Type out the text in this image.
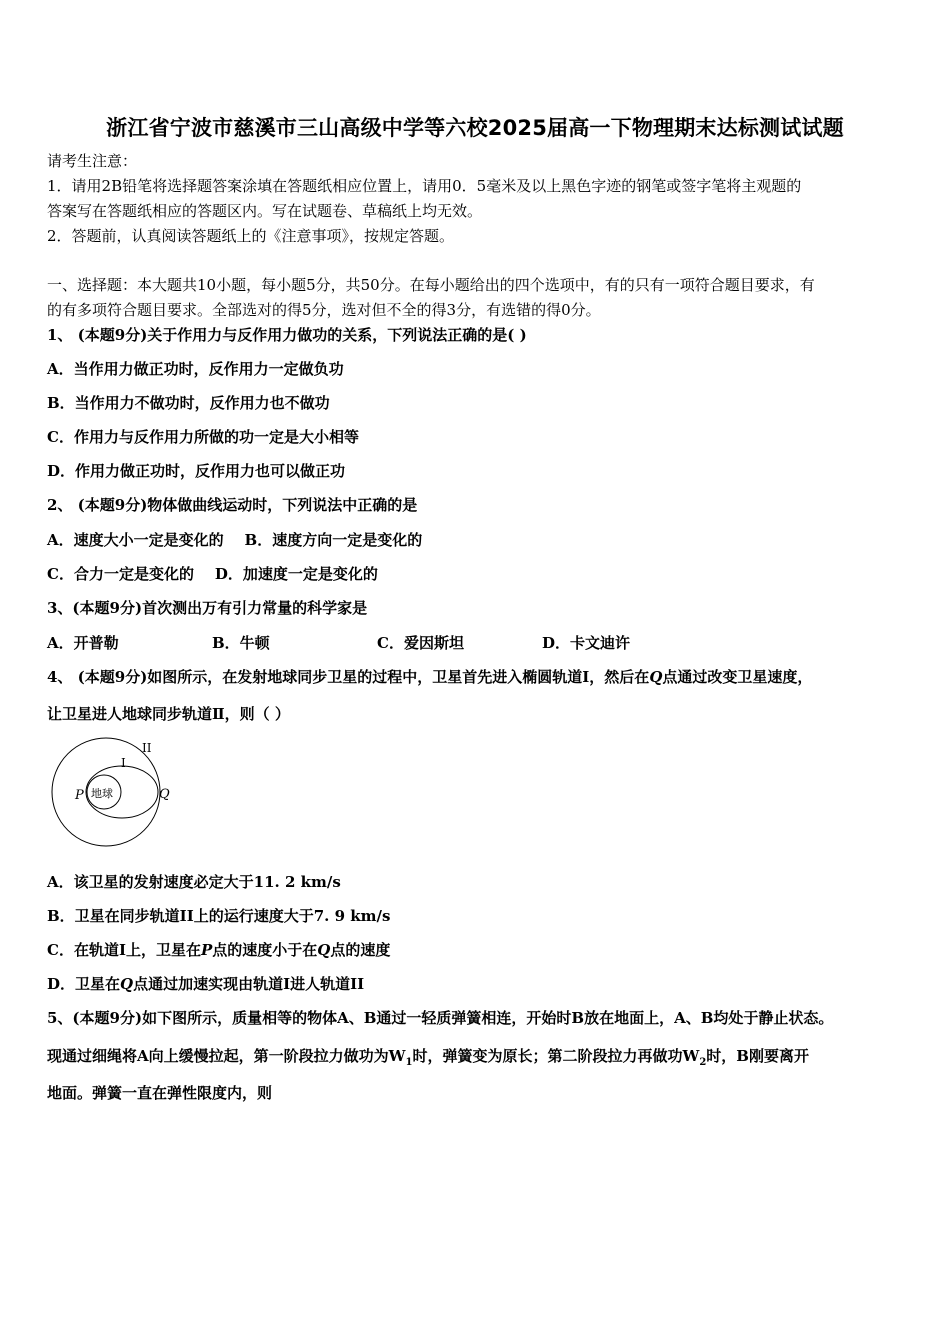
浙江省宁波市慈溪市三山高级中学等六校2025届高一下物理期末达标测试试题
请考生注意：
1．请用2B铅笔将选择题答案涂填在答题纸相应位置上，请用0．5毫米及以上黑色字迹的钢笔或签字笔将主观题的
答案写在答题纸相应的答题区内。写在试题卷、草稿纸上均无效。
2．答题前，认真阅读答题纸上的《注意事项》，按规定答题。
一、选择题：本大题共10小题，每小题5分，共50分。在每小题给出的四个选项中，有的只有一项符合题目要求，有
的有多项符合题目要求。全部选对的得5分，选对但不全的得3分，有选错的得0分。
1、 (本题9分)关于作用力与反作用力做功的关系，下列说法正确的是( )
A．当作用力做正功时，反作用力一定做负功
B．当作用力不做功时，反作用力也不做功
C．作用力与反作用力所做的功一定是大小相等
D．作用力做正功时，反作用力也可以做正功
2、 (本题9分)物体做曲线运动时，下列说法中正确的是
A．速度大小一定是变化的    B．速度方向一定是变化的
C．合力一定是变化的    D．加速度一定是变化的
3、(本题9分)首次测出万有引力常量的科学家是
A．开普勒	B．牛顿	C．爱因斯坦	D．卡文迪许
4、 (本题9分)如图所示，在发射地球同步卫星的过程中，卫星首先进入椭圆轨道I，然后在Q点通过改变卫星速度，
让卫星进人地球同步轨道Ⅱ，则（ ）
II
I
P	Q
地球
A．该卫星的发射速度必定大于11. 2 km/s
B．卫星在同步轨道II上的运行速度大于7. 9 km/s
C．在轨道I上，卫星在P点的速度小于在Q点的速度
D．卫星在Q点通过加速实现由轨道I进人轨道II
5、(本题9分)如下图所示，质量相等的物体A、B通过一轻质弹簧相连，开始时B放在地面上，A、B均处于静止状态。
现通过细绳将A向上缓慢拉起，第一阶段拉力做功为$W_1$时，弹簧变为原长；第二阶段拉力再做功$W_2$时，B刚要离开
地面。弹簧一直在弹性限度内，则
